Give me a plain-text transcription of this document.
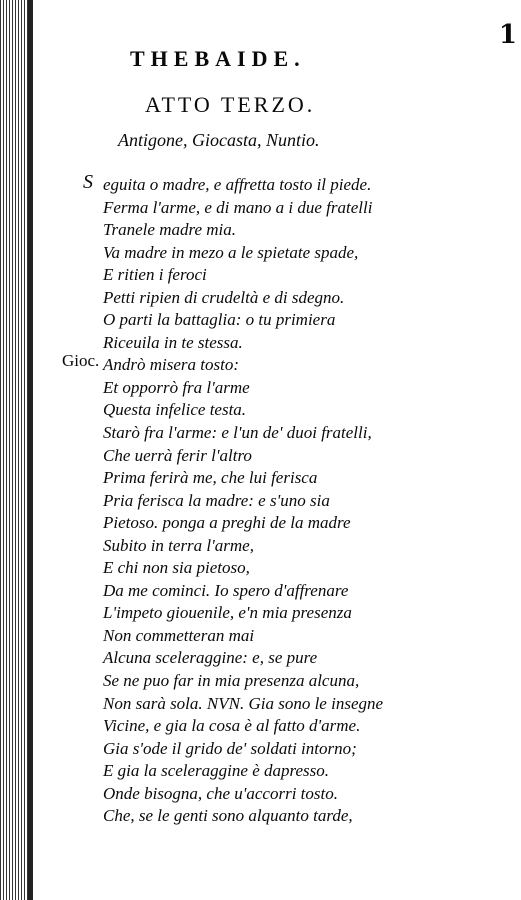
1
THEBAIDE.
ATTO TERZO.
Antigone, Giocasta, Nuntio.
S
Gioc.
eguita o madre, e affretta tosto il piede.
Ferma l'arme, e di mano a i due fratelli
Tranele madre mia.
Va madre in mezo a le spietate spade,
E ritien i feroci
Petti ripien di crudeltà e di sdegno.
O parti la battaglia: o tu primiera
Riceuila in te stessa.
Andrò misera tosto:
Et opporrò fra l'arme
Questa infelice testa.
Starò fra l'arme: e l'un de' duoi fratelli,
Che uerrà ferir l'altro
Prima ferirà me, che lui ferisca
Pria ferisca la madre: e s'uno sia
Pietoso. ponga a preghi de la madre
Subito in terra l'arme,
E chi non sia pietoso,
Da me cominci. Io spero d'affrenare
L'impeto giouenile, e'n mia presenza
Non commetteran mai
Alcuna sceleraggine: e, se pure
Se ne puo far in mia presenza alcuna,
Non sarà sola. NVN. Gia sono le insegne
Vicine, e gia la cosa è al fatto d'arme.
Gia s'ode il grido de' soldati intorno;
E gia la sceleraggine è dapresso.
Onde bisogna, che u'accorri tosto.
Che, se le genti sono alquanto tarde,
